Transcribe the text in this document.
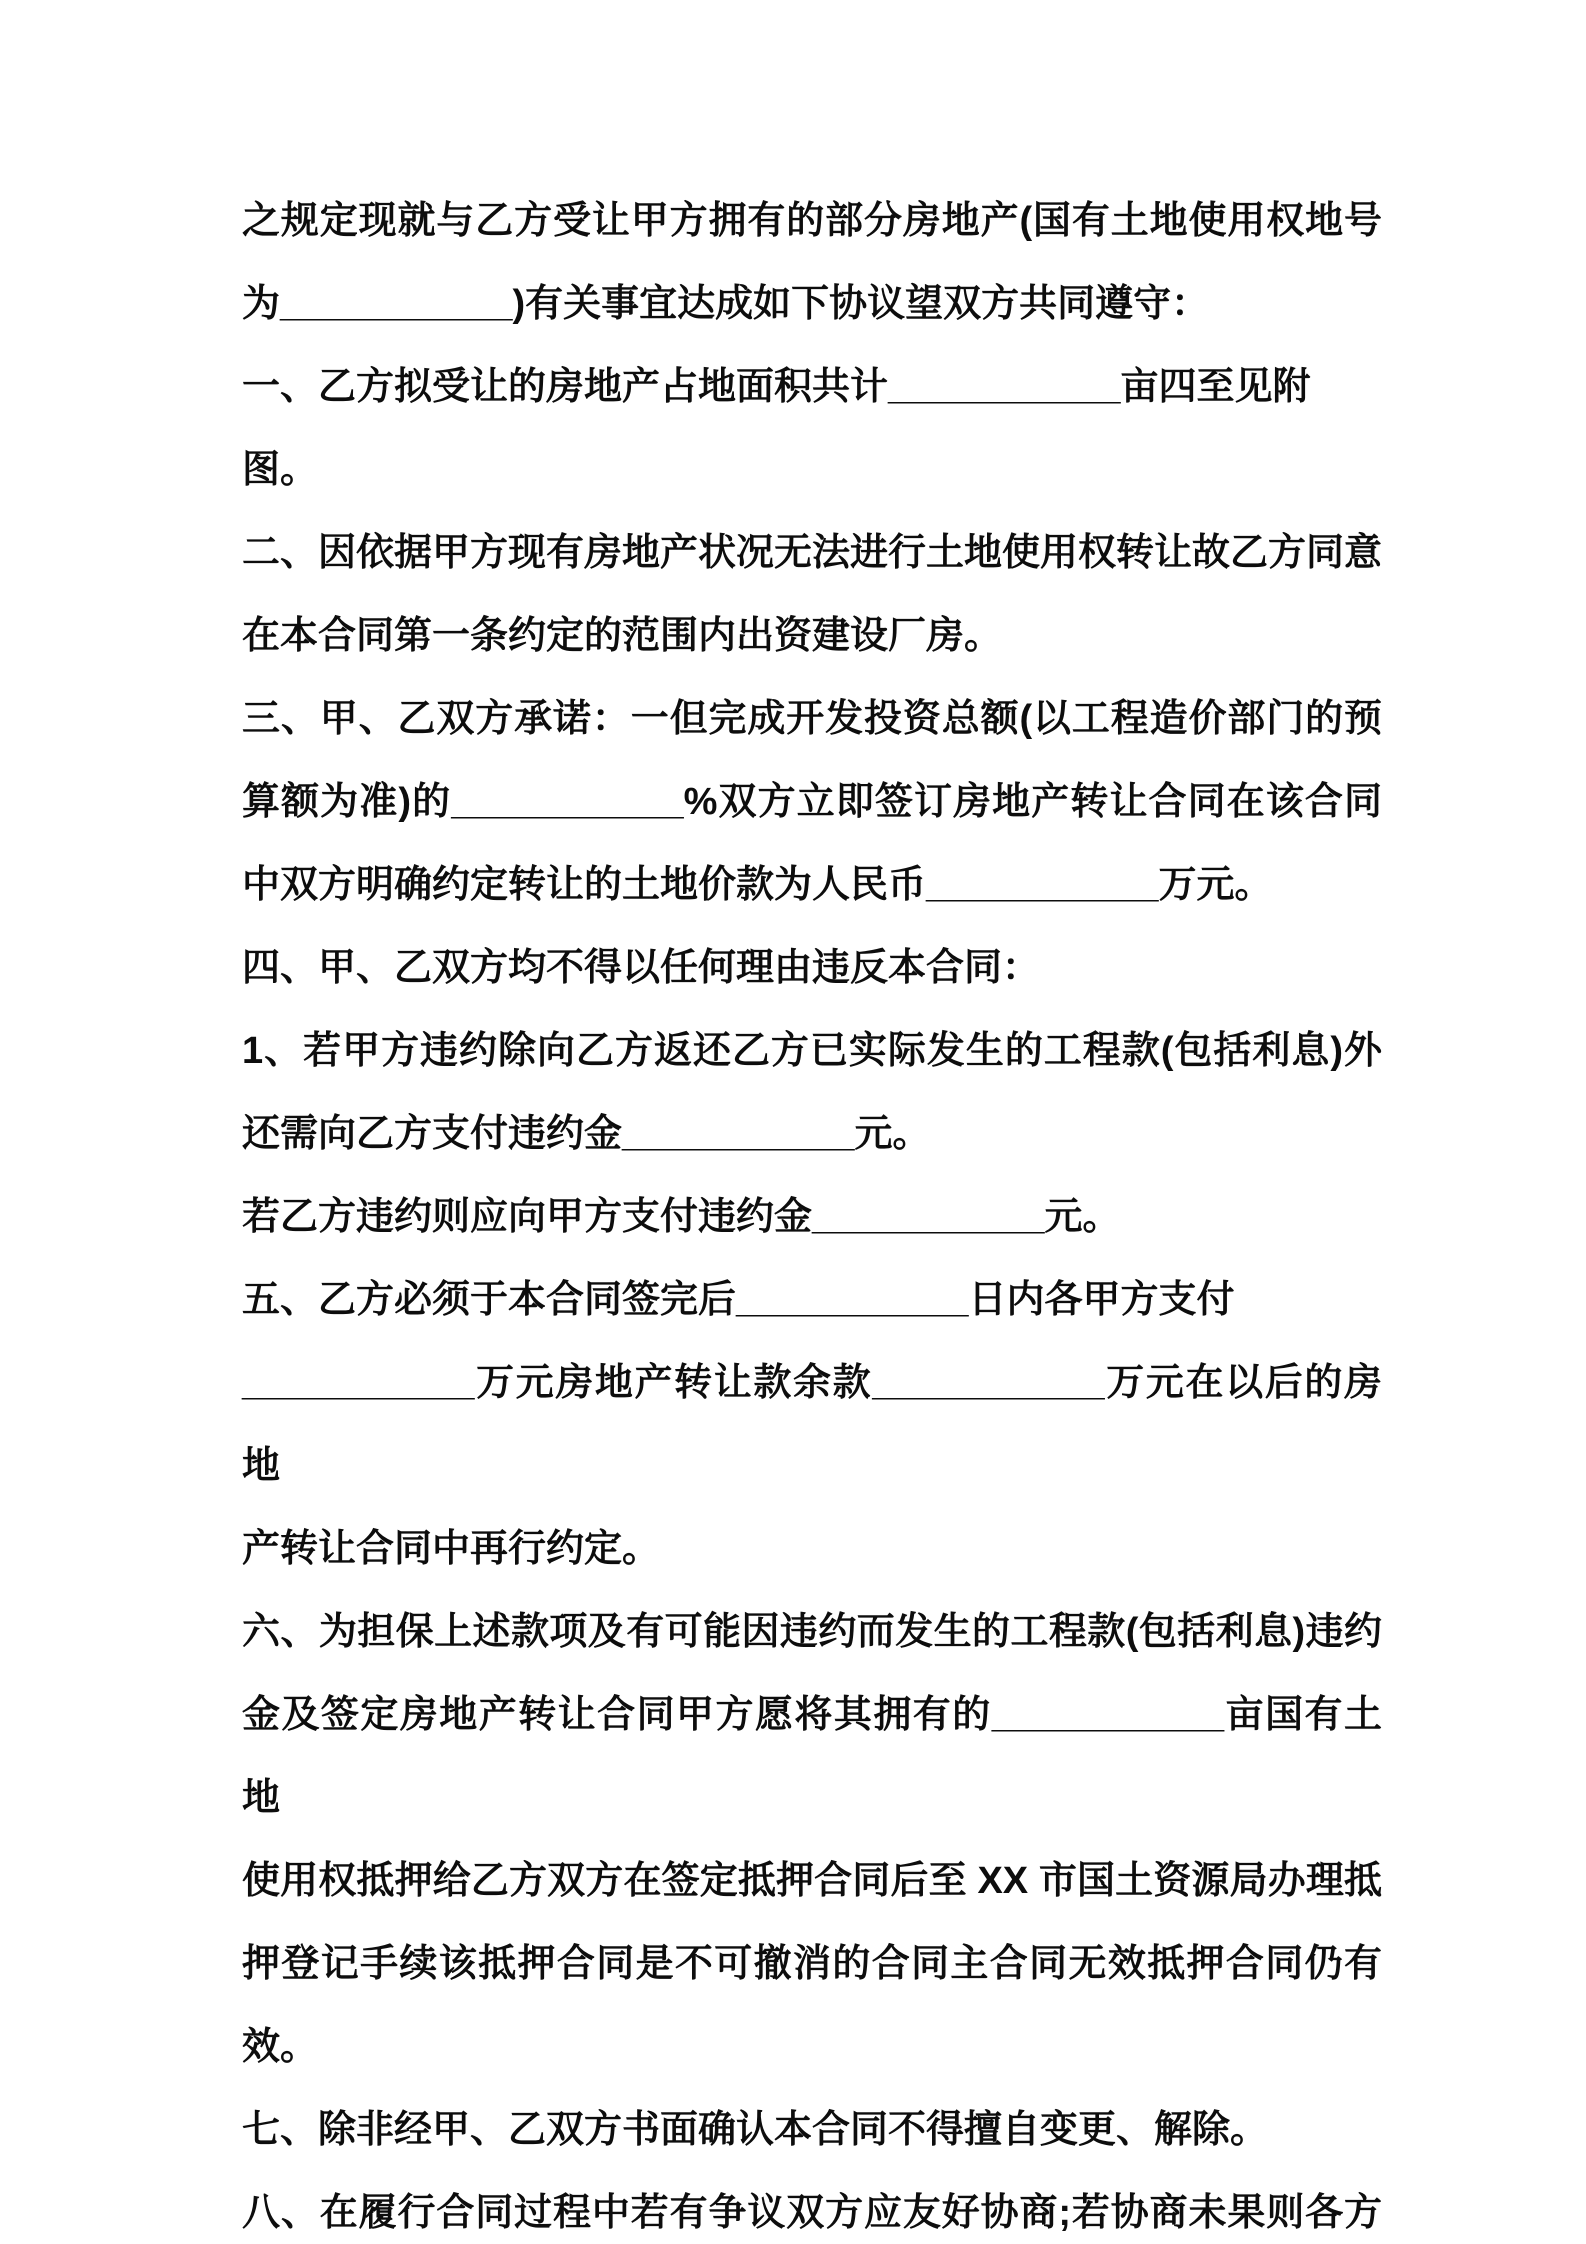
之规定现就与乙方受让甲方拥有的部分房地产(国有土地使用权地号

为___________)有关事宜达成如下协议望双方共同遵守：

一、乙方拟受让的房地产占地面积共计___________亩四至见附图。

二、因依据甲方现有房地产状况无法进行土地使用权转让故乙方同意

在本合同第一条约定的范围内出资建设厂房。

三、甲、乙双方承诺：一但完成开发投资总额(以工程造价部门的预

算额为准)的___________%双方立即签订房地产转让合同在该合同

中双方明确约定转让的土地价款为人民币___________万元。

四、甲、乙双方均不得以任何理由违反本合同：

1、若甲方违约除向乙方返还乙方已实际发生的工程款(包括利息)外

还需向乙方支付违约金___________元。

若乙方违约则应向甲方支付违约金___________元。

五、乙方必须于本合同签完后___________日内各甲方支付

___________万元房地产转让款余款___________万元在以后的房地

产转让合同中再行约定。

六、为担保上述款项及有可能因违约而发生的工程款(包括利息)违约

金及签定房地产转让合同甲方愿将其拥有的___________亩国有土地

使用权抵押给乙方双方在签定抵押合同后至 XX 市国土资源局办理抵

押登记手续该抵押合同是不可撤消的合同主合同无效抵押合同仍有

效。

七、除非经甲、乙双方书面确认本合同不得擅自变更、解除。

八、在履行合同过程中若有争议双方应友好协商;若协商未果则各方
